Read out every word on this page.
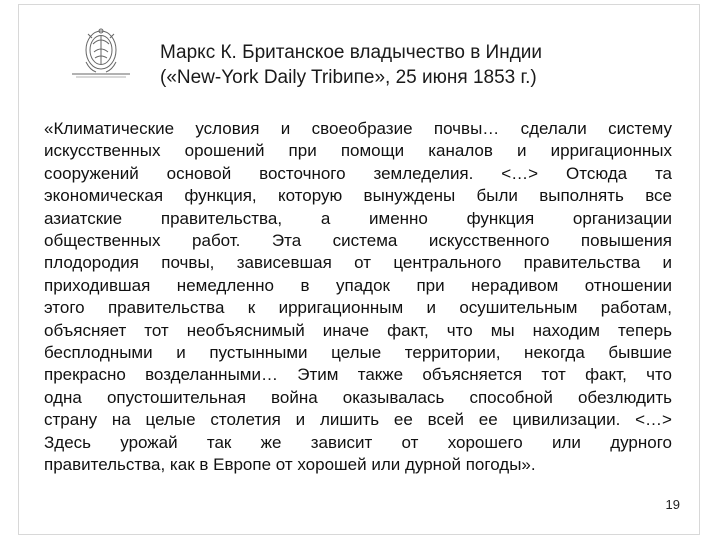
Маркс К. Британское владычество в Индии
(«New-York Daily Tribипе», 25 июня 1853 г.)
«Климатические условия и своеобразие почвы… сделали систему
искусственных орошений при помощи каналов и ирригационных
сооружений основой восточного земледелия. <…> Отсюда та
экономическая функция, которую вынуждены были выполнять все
азиатские правительства, а именно функция организации
общественных работ. Эта система искусственного повышения
плодородия почвы, зависевшая от центрального правительства и
приходившая немедленно в упадок при нерадивом отношении
этого правительства к ирригационным и осушительным работам,
объясняет тот необъяснимый иначе факт, что мы находим теперь
бесплодными и пустынными целые территории, некогда бывшие
прекрасно возделанными… Этим также объясняется тот факт, что
одна опустошительная война оказывалась способной обезлюдить
страну на целые столетия и лишить ее всей ее цивилизации. <…>
Здесь урожай так же зависит от хорошего или дурного
правительства, как в Европе от хорошей или дурной погоды».
19
